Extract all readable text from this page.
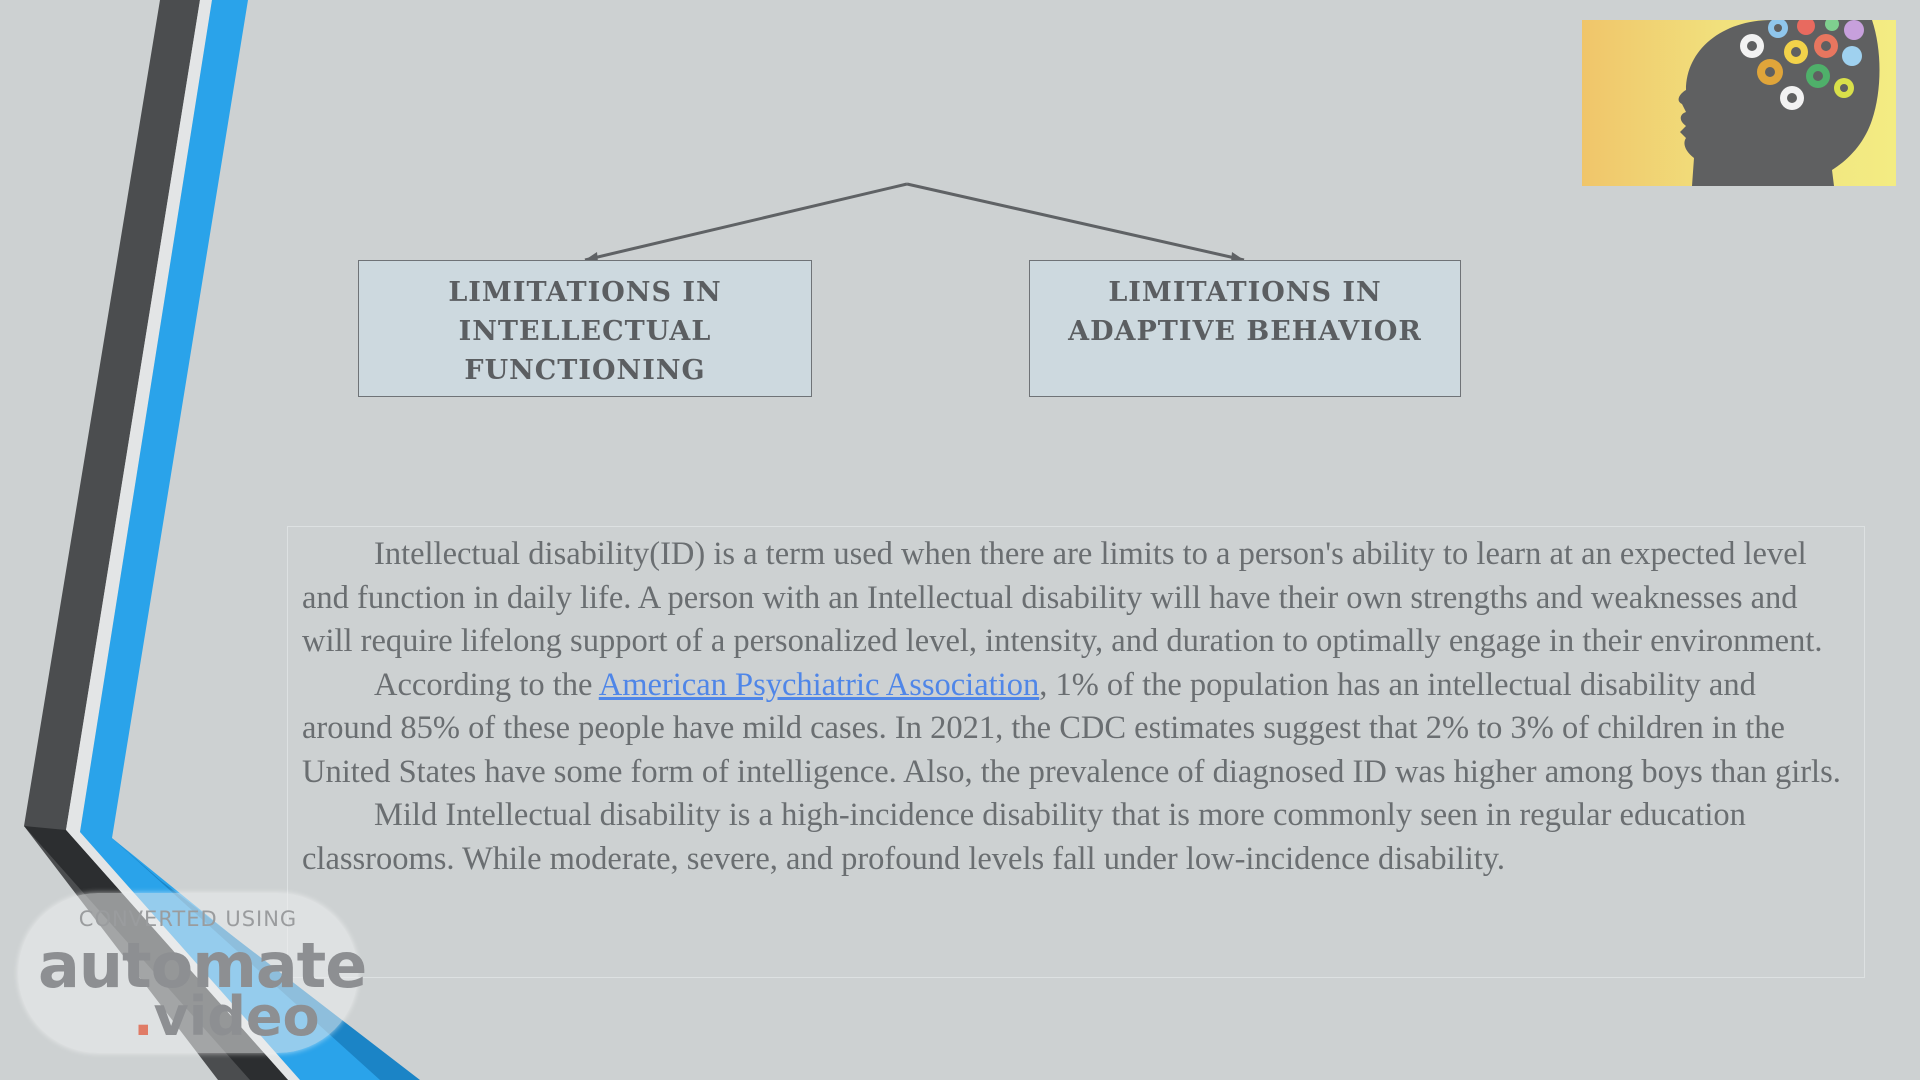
LIMITATIONS IN
INTELLECTUAL FUNCTIONING
LIMITATIONS IN
ADAPTIVE BEHAVIOR

Intellectual disability(ID) is a term used when there are limits to a person's ability to learn at an expected level and function in daily life. A person with an Intellectual disability will have their own strengths and weaknesses and will require lifelong support of a personalized level, intensity, and duration to optimally engage in their environment.

According to the American Psychiatric Association, 1% of the population has an intellectual disability and around 85% of these people have mild cases. In 2021, the CDC estimates suggest that 2% to 3% of children in the United States have some form of intelligence. Also, the prevalence of diagnosed ID was higher among boys than girls.

Mild Intellectual disability is a high-incidence disability that is more commonly seen in regular education classrooms. While moderate, severe, and profound levels fall under low-incidence disability.

CONVERTED USING
automate
.video
